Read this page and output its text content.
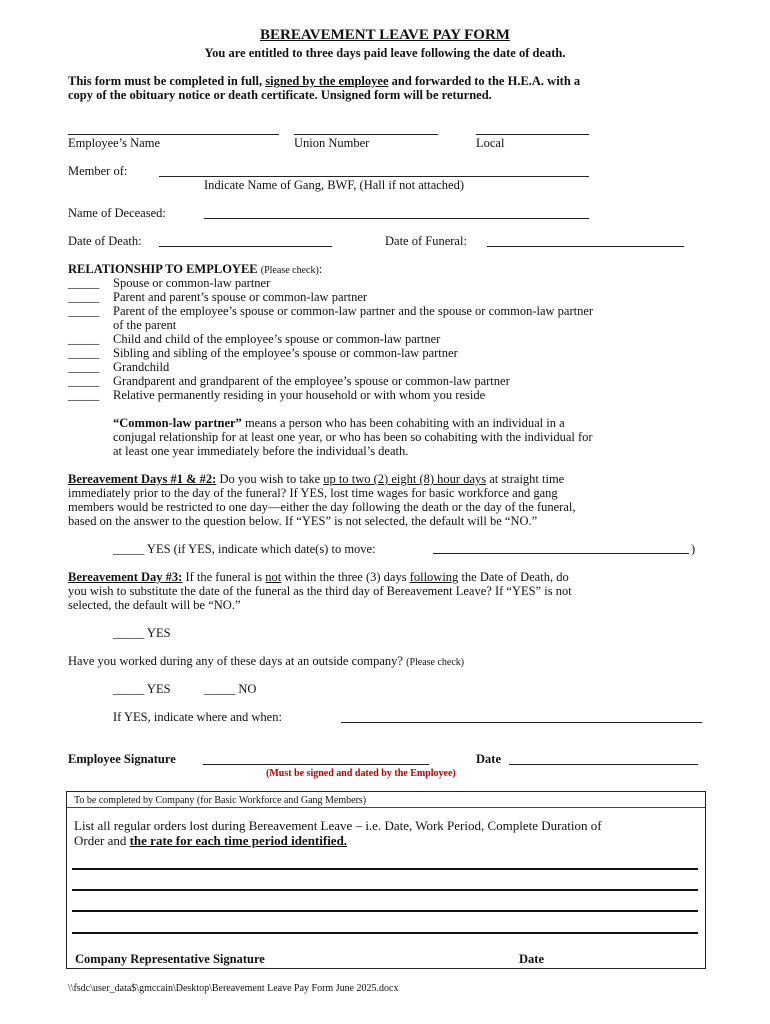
BEREAVEMENT LEAVE PAY FORM
You are entitled to three days paid leave following the date of death.
This form must be completed in full, signed by the employee and forwarded to the H.E.A. with a
copy of the obituary notice or death certificate. Unsigned form will be returned.
Employee’s Name	Union Number	Local
Member of:
Indicate Name of Gang, BWF, (Hall if not attached)
Name of Deceased:
Date of Death:	Date of Funeral:
RELATIONSHIP TO EMPLOYEE (Please check):
_____ Spouse or common-law partner
_____ Parent and parent’s spouse or common-law partner
_____ Parent of the employee’s spouse or common-law partner and the spouse or common-law partner
of the parent
_____ Child and child of the employee’s spouse or common-law partner
_____ Sibling and sibling of the employee’s spouse or common-law partner
_____ Grandchild
_____ Grandparent and grandparent of the employee’s spouse or common-law partner
_____ Relative permanently residing in your household or with whom you reside
“Common-law partner” means a person who has been cohabiting with an individual in a
conjugal relationship for at least one year, or who has been so cohabiting with the individual for
at least one year immediately before the individual’s death.
Bereavement Days #1 & #2: Do you wish to take up to two (2) eight (8) hour days at straight time
immediately prior to the day of the funeral? If YES, lost time wages for basic workforce and gang
members would be restricted to one day—either the day following the death or the day of the funeral,
based on the answer to the question below. If “YES” is not selected, the default will be “NO.”
_____ YES (if YES, indicate which date(s) to move:	)
Bereavement Day #3: If the funeral is not within the three (3) days following the Date of Death, do
you wish to substitute the date of the funeral as the third day of Bereavement Leave? If “YES” is not
selected, the default will be “NO.”
_____ YES
Have you worked during any of these days at an outside company? (Please check)
_____ YES	_____ NO
If YES, indicate where and when:
Employee Signature	Date
(Must be signed and dated by the Employee)
To be completed by Company (for Basic Workforce and Gang Members)
List all regular orders lost during Bereavement Leave – i.e. Date, Work Period, Complete Duration of
Order and the rate for each time period identified.
Company Representative Signature	Date
\\fsdc\user_data$\gmccain\Desktop\Bereavement Leave Pay Form June 2025.docx
